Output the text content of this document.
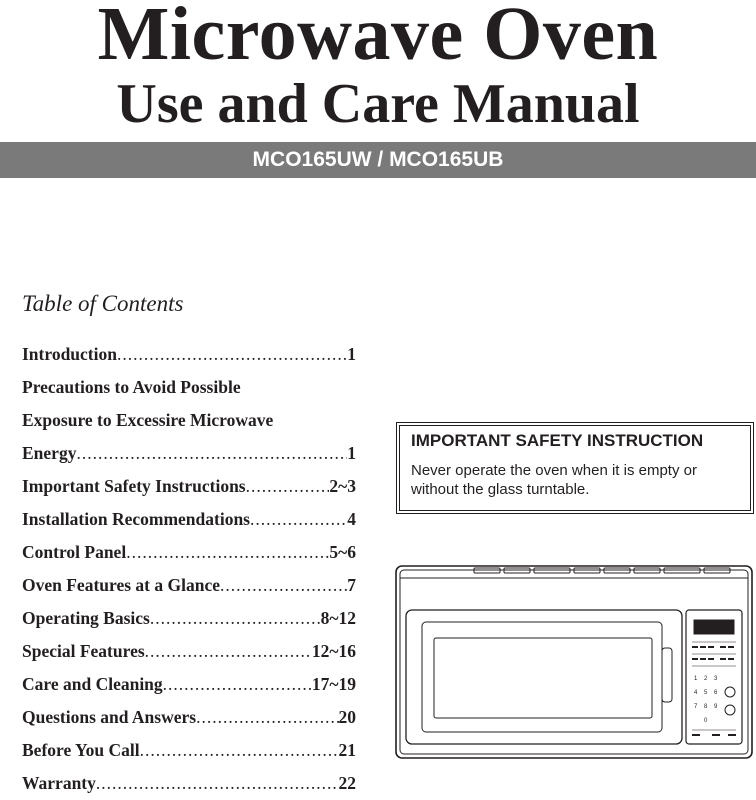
Microwave Oven
Use and Care Manual
MCO165UW / MCO165UB
Table of Contents
Introduction .....	1
Precautions to Avoid Possible
Exposure to Excessire Microwave
Energy .....	1
Important Safety Instructions .....	2~3
Installation Recommendations .....	4
Control Panel .....	5~6
Oven Features at a Glance .....	7
Operating Basics .....	8~12
Special Features .....	12~16
Care and Cleaning .....	17~19
Questions and Answers .....	20
Before You Call .....	21
Warranty .....	22
IMPORTANT SAFETY INSTRUCTION
Never operate the oven when it is empty or without the glass turntable.
1 2 3
4 5 6
7 8 9
0
